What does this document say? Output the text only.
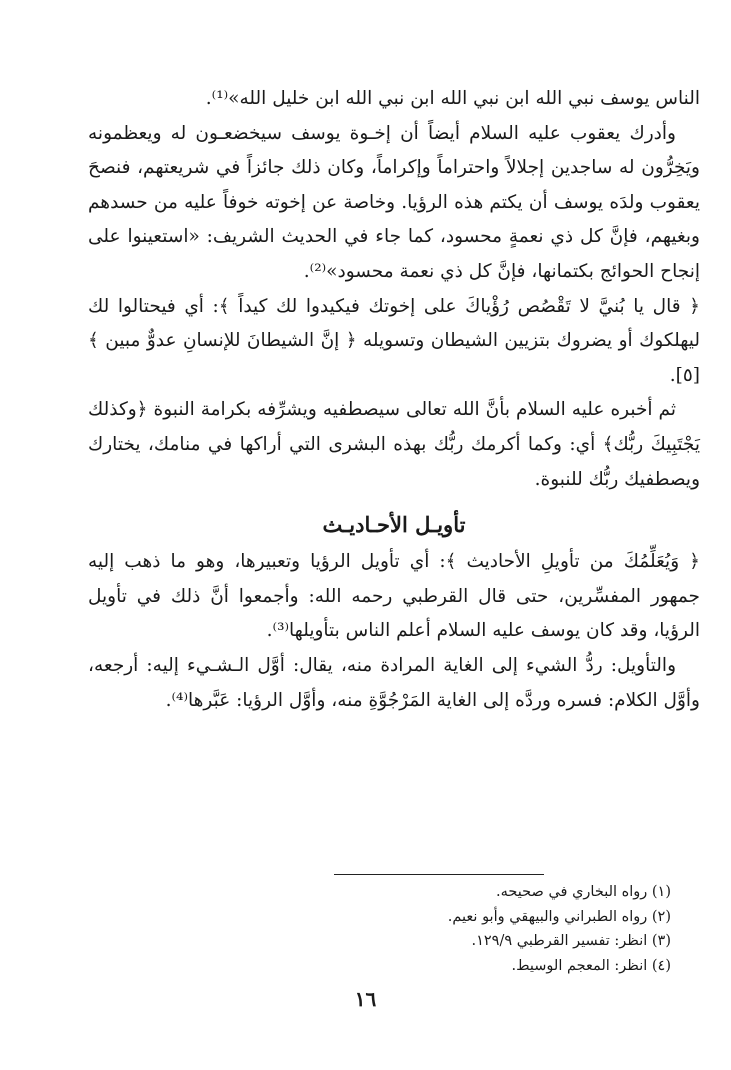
الناس يوسف نبي الله ابن نبي الله ابن نبي الله ابن خليل الله»⁽¹⁾.

وأدرك يعقوب عليه السلام أيضاً أن إخـوة يوسف سيخضعـون له ويعظمونه ويَخِرُّون له ساجدين إجلالاً واحتراماً وإكراماً، وكان ذلك جائزاً في شريعتهم، فنصحَ يعقوب ولدَه يوسف أن يكتم هذه الرؤيا. وخاصة عن إخوته خوفاً عليه من حسدهم وبغيهم، فإنَّ كل ذي نعمةٍ محسود، كما جاء في الحديث الشريف: «استعينوا على إنجاح الحوائج بكتمانها، فإنَّ كل ذي نعمة محسود»⁽²⁾.

﴿ قال يا بُنيَّ لا تَقْصُص رُؤْياكَ على إخوتك فيكيدوا لك كيداً ﴾: أي فيحتالوا لك ليهلكوك أو يضروك بتزيين الشيطان وتسويله ﴿ إنَّ الشيطانَ للإنسانِ عدوٌّ مبين ﴾ [٥].

ثم أخبره عليه السلام بأنَّ الله تعالى سيصطفيه ويشرِّفه بكرامة النبوة ﴿وكذلك يَجْتَبِيكَ ربُّك﴾ أي: وكما أكرمك ربُّك بهذه البشرى التي أراكها في منامك، يختارك ويصطفيك ربُّك للنبوة.

تأويـل الأحـاديـث

﴿ وَيُعَلِّمُكَ من تأويلِ الأحاديث ﴾: أي تأويل الرؤيا وتعبيرها، وهو ما ذهب إليه جمهور المفسِّرين، حتى قال القرطبي رحمه الله: وأجمعوا أنَّ ذلك في تأويل الرؤيا، وقد كان يوسف عليه السلام أعلم الناس بتأويلها⁽³⁾.

والتأويل: ردُّ الشيء إلى الغاية المرادة منه، يقال: أوَّل الـشـيء إليه: أرجعه، وأوَّل الكلام: فسره وردَّه إلى الغاية المَرْجُوَّةِ منه، وأوَّل الرؤيا: عَبَّرها⁽⁴⁾.

(١) رواه البخاري في صحيحه.
(٢) رواه الطبراني والبيهقي وأبو نعيم.
(٣) انظر: تفسير القرطبي ١٢٩/٩.
(٤) انظر: المعجم الوسيط.
١٦
